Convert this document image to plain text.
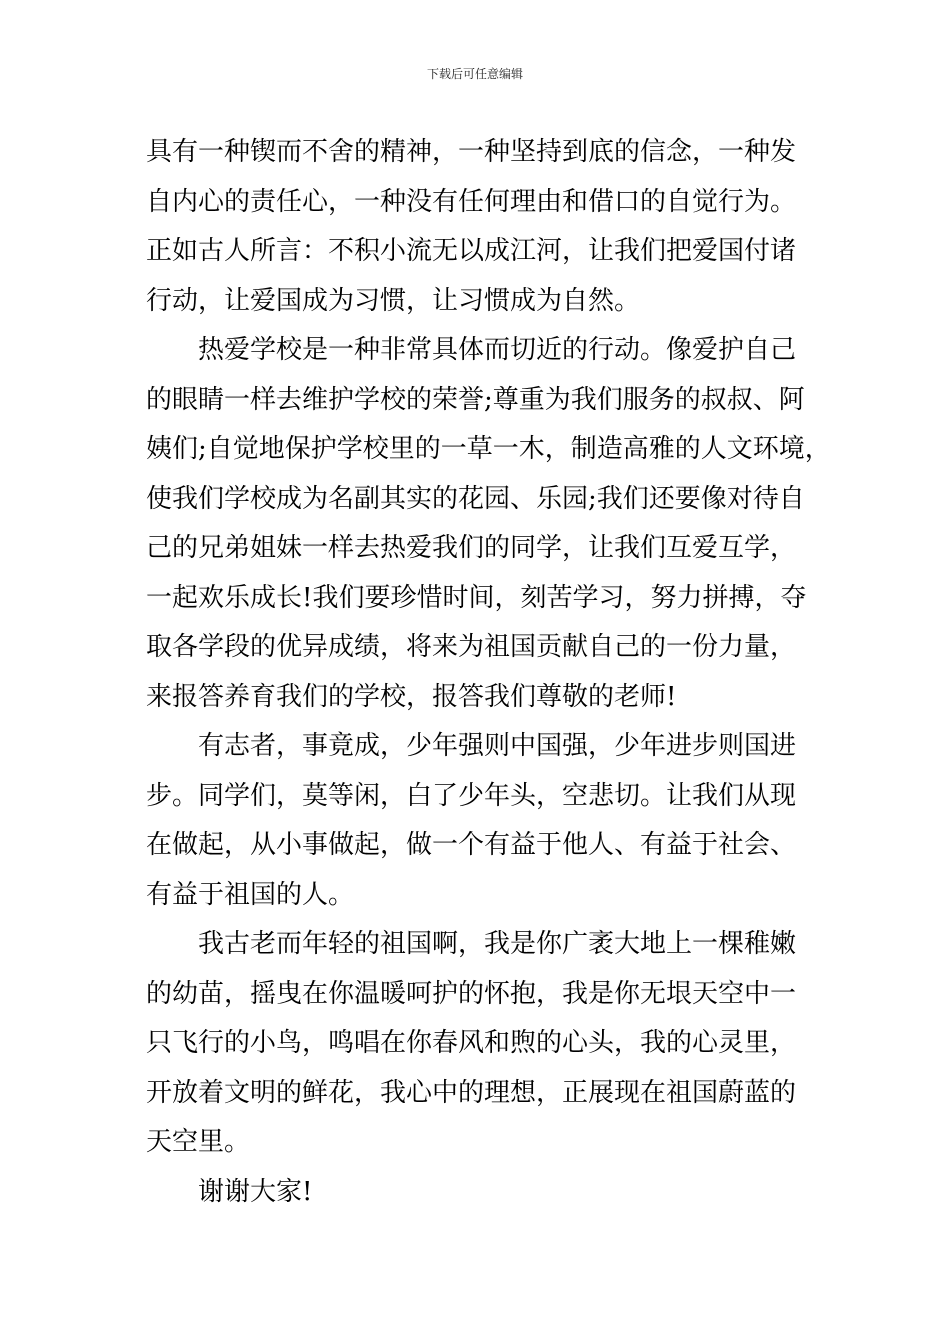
下载后可任意编辑
具有一种锲而不舍的精神，一种坚持到底的信念，一种发
自内心的责任心，一种没有任何理由和借口的自觉行为。
正如古人所言：不积小流无以成江河，让我们把爱国付诸
行动，让爱国成为习惯，让习惯成为自然。
热爱学校是一种非常具体而切近的行动。像爱护自己
的眼睛一样去维护学校的荣誉;尊重为我们服务的叔叔、阿
姨们;自觉地保护学校里的一草一木，制造高雅的人文环境，
使我们学校成为名副其实的花园、乐园;我们还要像对待自
己的兄弟姐妹一样去热爱我们的同学，让我们互爱互学，
一起欢乐成长!我们要珍惜时间，刻苦学习，努力拼搏，夺
取各学段的优异成绩，将来为祖国贡献自己的一份力量，
来报答养育我们的学校，报答我们尊敬的老师!
有志者，事竟成，少年强则中国强，少年进步则国进
步。同学们，莫等闲，白了少年头，空悲切。让我们从现
在做起，从小事做起，做一个有益于他人、有益于社会、
有益于祖国的人。
我古老而年轻的祖国啊，我是你广袤大地上一棵稚嫩
的幼苗，摇曳在你温暖呵护的怀抱，我是你无垠天空中一
只飞行的小鸟，鸣唱在你春风和煦的心头，我的心灵里，
开放着文明的鲜花，我心中的理想，正展现在祖国蔚蓝的
天空里。
谢谢大家!
